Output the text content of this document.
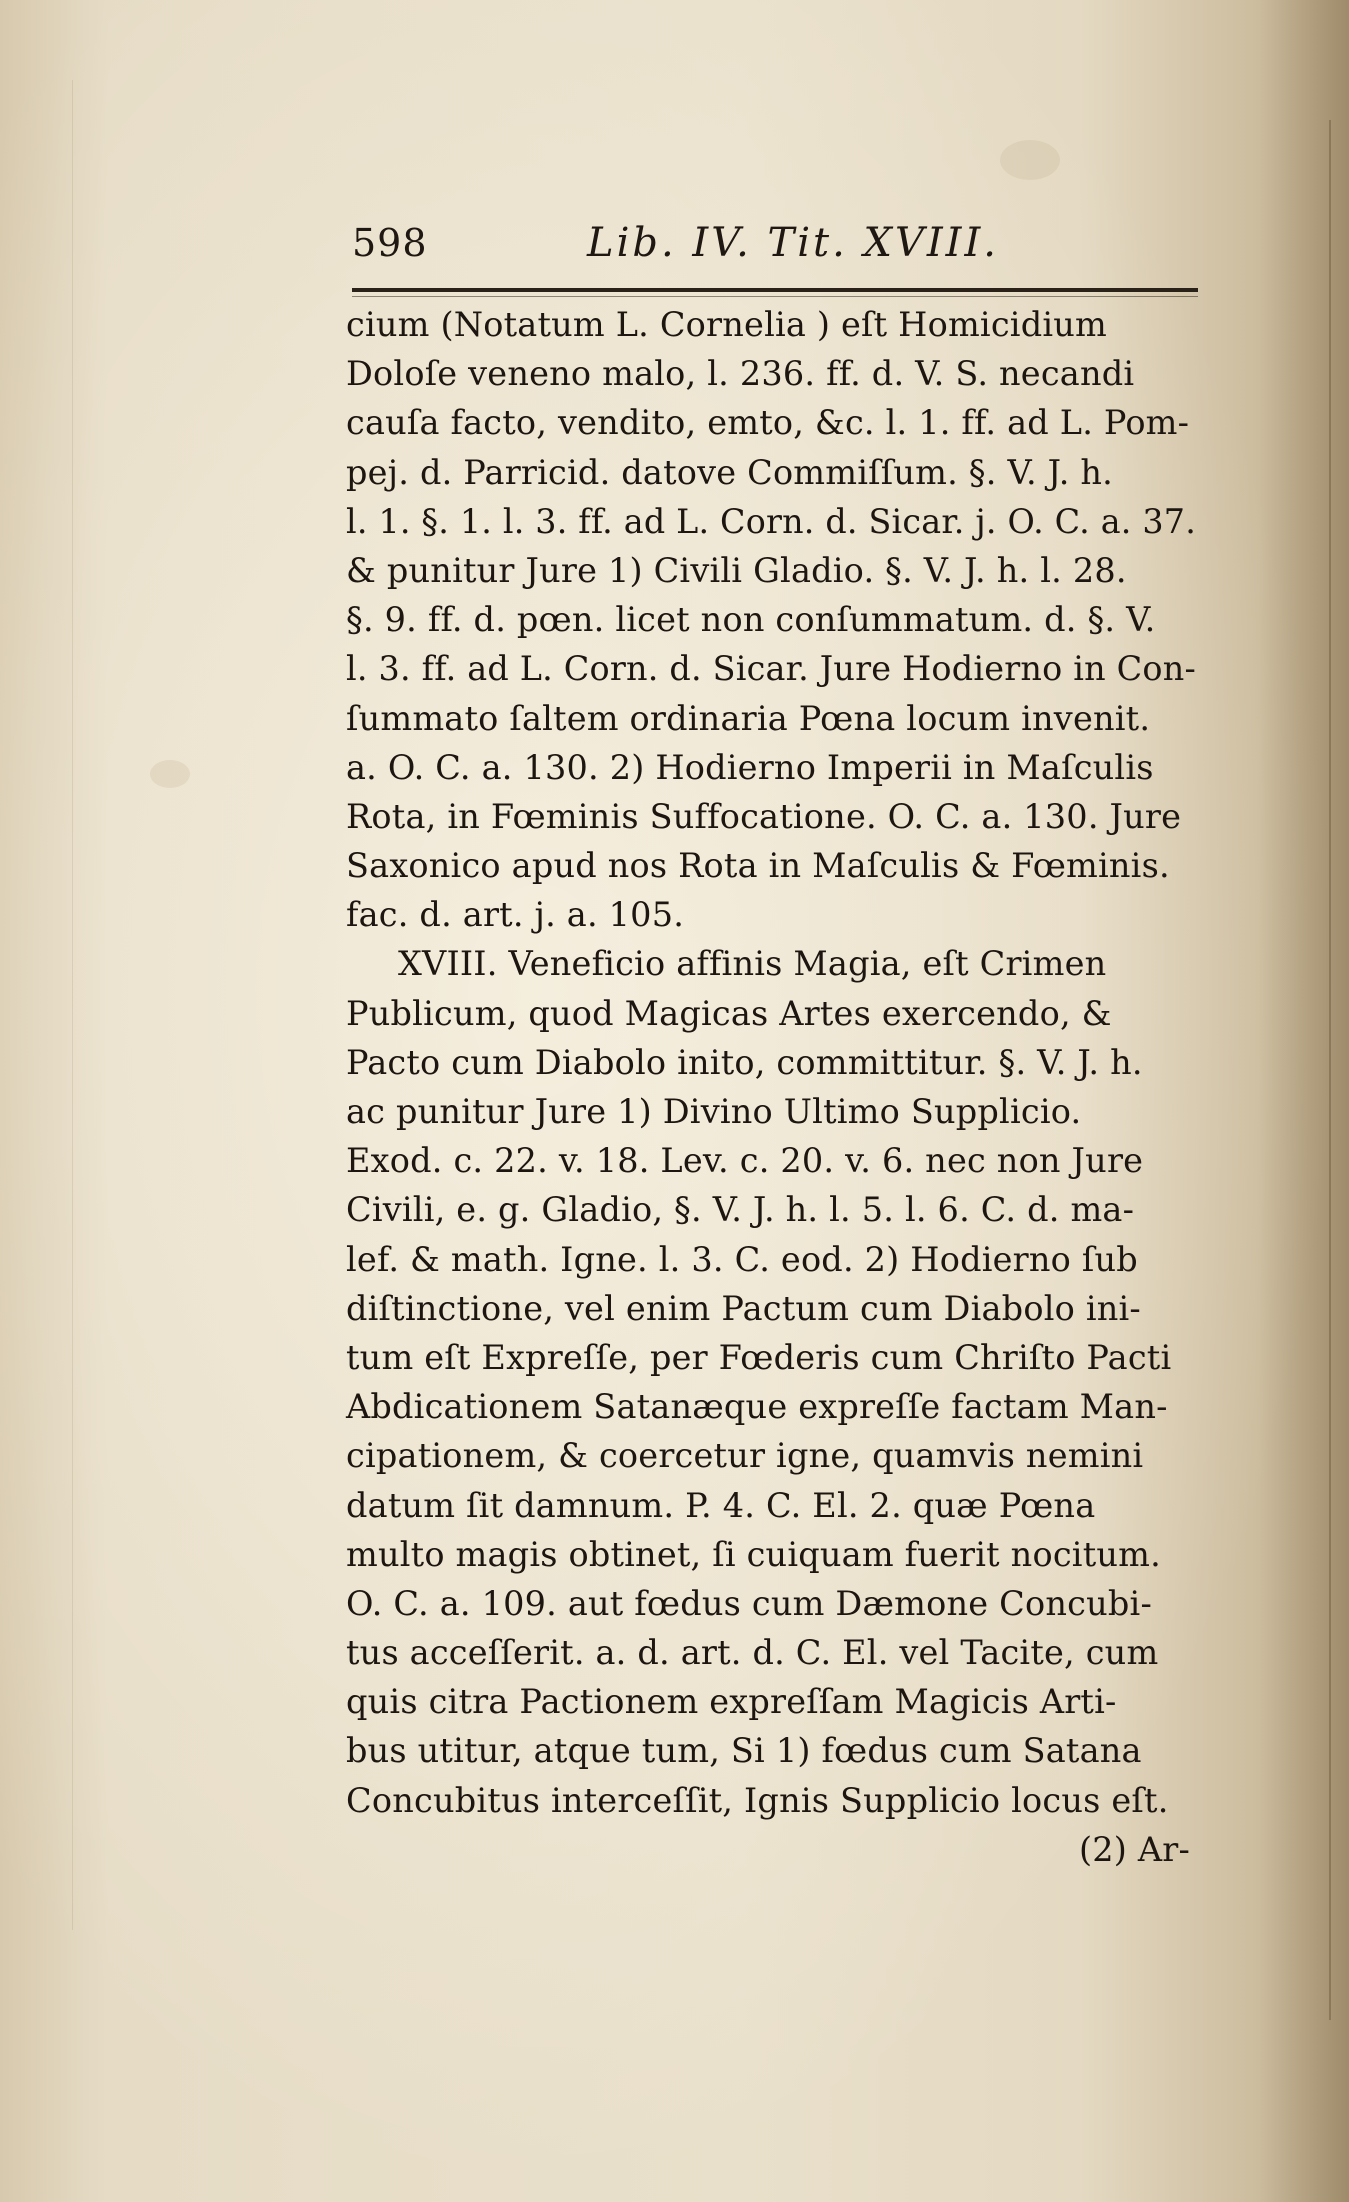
598	Lib. IV. Tit. XVIII.
cium (Notatum L. Cornelia ) eſt Homicidium
Doloſe veneno malo, l. 236. ff. d. V. S. necandi
cauſa facto, vendito, emto, &c. l. 1. ff. ad L. Pom-
pej. d. Parricid. datove Commiſſum. §. V. J. h.
l. 1. §. 1. l. 3. ff. ad L. Corn. d. Sicar. j. O. C. a. 37.
& punitur Jure 1) Civili Gladio. §. V. J. h. l. 28.
§. 9. ff. d. pœn. licet non conſummatum. d. §. V.
l. 3. ff. ad L. Corn. d. Sicar. Jure Hodierno in Con-
ſummato ſaltem ordinaria Pœna locum invenit.
a. O. C. a. 130. 2) Hodierno Imperii in Maſculis
Rota, in Fœminis Suffocatione. O. C. a. 130. Jure
Saxonico apud nos Rota in Maſculis & Fœminis.
fac. d. art. j. a. 105.
XVIII. Veneficio affinis Magia, eſt Crimen
Publicum, quod Magicas Artes exercendo, &
Pacto cum Diabolo inito, committitur. §. V. J. h.
ac punitur Jure 1) Divino Ultimo Supplicio.
Exod. c. 22. v. 18. Lev. c. 20. v. 6. nec non Jure
Civili, e. g. Gladio, §. V. J. h. l. 5. l. 6. C. d. ma-
lef. & math. Igne. l. 3. C. eod. 2) Hodierno ſub
diſtinctione, vel enim Pactum cum Diabolo ini-
tum eſt Expreſſe, per Fœderis cum Chriſto Pacti
Abdicationem Satanæque expreſſe factam Man-
cipationem, & coercetur igne, quamvis nemini
datum ſit damnum. P. 4. C. El. 2. quæ Pœna
multo magis obtinet, ſi cuiquam fuerit nocitum.
O. C. a. 109. aut fœdus cum Dæmone Concubi-
tus acceſſerit. a. d. art. d. C. El. vel Tacite, cum
quis citra Pactionem expreſſam Magicis Arti-
bus utitur, atque tum, Si 1) fœdus cum Satana
Concubitus interceſſit, Ignis Supplicio locus eſt.
(2) Ar-
